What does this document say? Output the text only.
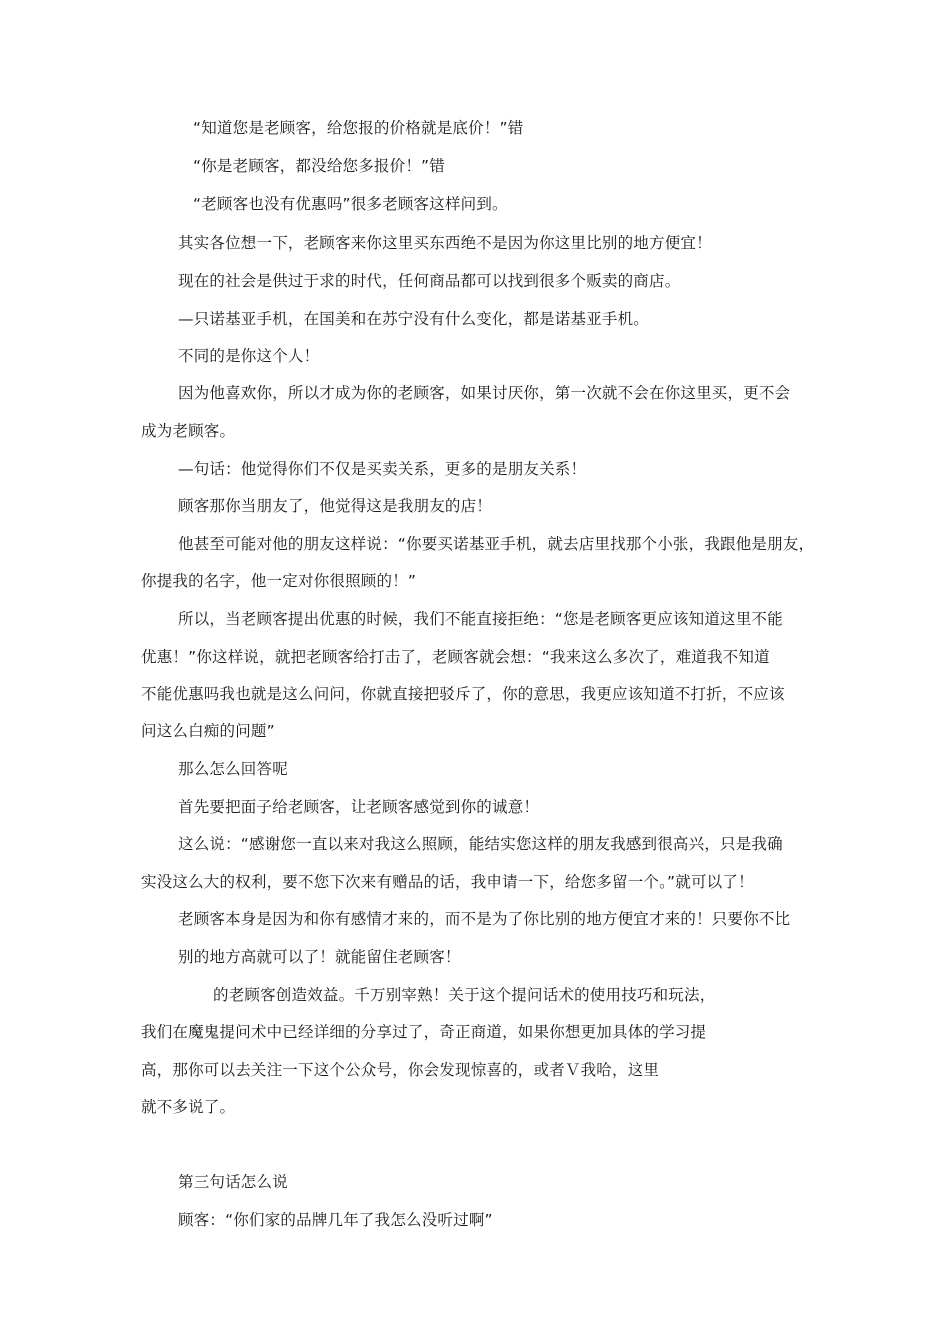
“知道您是老顾客，给您报的价格就是底价！”错

“你是老顾客，都没给您多报价！”错

“老顾客也没有优惠吗”很多老顾客这样问到。

其实各位想一下，老顾客来你这里买东西绝不是因为你这里比别的地方便宜！

现在的社会是供过于求的时代，任何商品都可以找到很多个贩卖的商店。

—只诺基亚手机，在国美和在苏宁没有什么变化，都是诺基亚手机。

不同的是你这个人！

因为他喜欢你，所以才成为你的老顾客，如果讨厌你，第一次就不会在你这里买，更不会

成为老顾客。

—句话：他觉得你们不仅是买卖关系，更多的是朋友关系！

顾客那你当朋友了，他觉得这是我朋友的店！

他甚至可能对他的朋友这样说：“你要买诺基亚手机，就去店里找那个小张，我跟他是朋友，

你提我的名字，他一定对你很照顾的！”

所以，当老顾客提出优惠的时候，我们不能直接拒绝：“您是老顾客更应该知道这里不能

优惠！”你这样说，就把老顾客给打击了，老顾客就会想：“我来这么多次了，难道我不知道

不能优惠吗我也就是这么问问，你就直接把驳斥了，你的意思，我更应该知道不打折，不应该

问这么白痴的问题”

那么怎么回答呢

首先要把面子给老顾客，让老顾客感觉到你的诚意！

这么说：“感谢您一直以来对我这么照顾，能结实您这样的朋友我感到很高兴，只是我确

实没这么大的权利，要不您下次来有赠品的话，我申请一下，给您多留一个。”就可以了！

老顾客本身是因为和你有感情才来的，而不是为了你比别的地方便宜才来的！只要你不比

别的地方高就可以了！就能留住老顾客！

的老顾客创造效益。千万别宰熟！关于这个提问话术的使用技巧和玩法，

我们在魔鬼提问术中已经详细的分享过了，奇正商道，如果你想更加具体的学习提

高，那你可以去关注一下这个公众号，你会发现惊喜的，或者Ｖ我哈，这里

就不多说了。

第三句话怎么说

顾客：“你们家的品牌几年了我怎么没听过啊”
